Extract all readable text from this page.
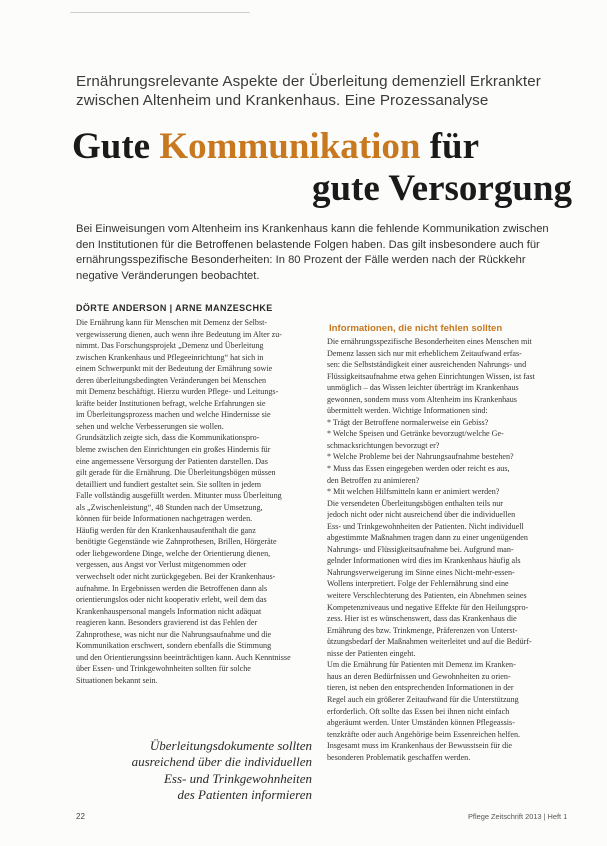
Ernährungsrelevante Aspekte der Überleitung demenziell Erkrankter
zwischen Altenheim und Krankenhaus. Eine Prozessanalyse
Gute Kommunikation für
gute Versorgung
Bei Einweisungen vom Altenheim ins Krankenhaus kann die fehlende Kommunikation zwischen
den Institutionen für die Betroffenen belastende Folgen haben. Das gilt insbesondere auch für
ernährungsspezifische Besonderheiten: In 80 Prozent der Fälle werden nach der Rückkehr
negative Veränderungen beobachtet.
DÖRTE ANDERSON | ARNE MANZESCHKE
Die Ernährung kann für Menschen mit Demenz der Selbst-
vergewisserung dienen, auch wenn ihre Bedeutung im Alter zu-
nimmt. Das Forschungsprojekt „Demenz und Überleitung
zwischen Krankenhaus und Pflegeeinrichtung“ hat sich in
einem Schwerpunkt mit der Bedeutung der Ernährung sowie
deren überleitungsbedingten Veränderungen bei Menschen
mit Demenz beschäftigt. Hierzu wurden Pflege- und Leitungs-
kräfte beider Institutionen befragt, welche Erfahrungen sie
im Überleitungsprozess machen und welche Hindernisse sie
sehen und welche Verbesserungen sie wollen.
Grundsätzlich zeigte sich, dass die Kommunikationspro-
bleme zwischen den Einrichtungen ein großes Hindernis für
eine angemessene Versorgung der Patienten darstellen. Das
gilt gerade für die Ernährung. Die Überleitungsbögen müssen
detailliert und fundiert gestaltet sein. Sie sollten in jedem
Falle vollständig ausgefüllt werden. Mitunter muss Überleitung
als „Zwischenleistung“, 48 Stunden nach der Umsetzung,
können für beide Informationen nachgetragen werden.
Häufig werden für den Krankenhausaufenthalt die ganz
benötigte Gegenstände wie Zahnprothesen, Brillen, Hörgeräte
oder liebgewordene Dinge, welche der Orientierung dienen,
vergessen, aus Angst vor Verlust mitgenommen oder
verwechselt oder nicht zurückgegeben. Bei der Krankenhaus-
aufnahme. In Ergebnissen werden die Betroffenen dann als
orientierungslos oder nicht kooperativ erlebt, weil dem das
Krankenhauspersonal mangels Information nicht adäquat
reagieren kann. Besonders gravierend ist das Fehlen der
Zahnprothese, was nicht nur die Nahrungsaufnahme und die
Kommunikation erschwert, sondern ebenfalls die Stimmung
und den Orientierungssinn beeinträchtigen kann. Auch Kenntnisse
über Essen- und Trinkgewohnheiten sollten für solche
Situationen bekannt sein.
Informationen, die nicht fehlen sollten
Die ernährungsspezifische Besonderheiten eines Menschen mit
Demenz lassen sich nur mit erheblichem Zeitaufwand erfas-
sen: die Selbstständigkeit einer ausreichenden Nahrungs- und
Flüssigkeitsaufnahme etwa gehen Einrichtungen Wissen, ist fast
unmöglich – das Wissen leichter überträgt im Krankenhaus
gewonnen, sondern muss vom Altenheim ins Krankenhaus
übermittelt werden. Wichtige Informationen sind:
* Trägt der Betroffene normalerweise ein Gebiss?
* Welche Speisen und Getränke bevorzugt/welche Ge-
schmacksrichtungen bevorzugt er?
* Welche Probleme bei der Nahrungsaufnahme bestehen?
* Muss das Essen eingegeben werden oder reicht es aus,
den Betroffen zu animieren?
* Mit welchen Hilfsmitteln kann er animiert werden?
Die versendeten Überleitungsbögen enthalten teils nur
jedoch nicht oder nicht ausreichend über die individuellen
Ess- und Trinkgewohnheiten der Patienten. Nicht individuell
abgestimmte Maßnahmen tragen dann zu einer ungenügenden
Nahrungs- und Flüssigkeitsaufnahme bei. Aufgrund man-
gelnder Informationen wird dies im Krankenhaus häufig als
Nahrungsverweigerung im Sinne eines Nicht-mehr-essen-
Wollens interpretiert. Folge der Fehlernährung sind eine
weitere Verschlechterung des Patienten, ein Abnehmen seines
Kompetenzniveaus und negative Effekte für den Heilungspro-
zess. Hier ist es wünschenswert, dass das Krankenhaus die
Ernährung des bzw. Trinkmenge, Präferenzen von Unterst-
ützungsbedarf der Maßnahmen weiterleitet und auf die Bedürf-
nisse der Patienten eingeht.
Um die Ernährung für Patienten mit Demenz im Kranken-
haus an deren Bedürfnissen und Gewohnheiten zu orien-
tieren, ist neben den entsprechenden Informationen in der
Regel auch ein größerer Zeitaufwand für die Unterstützung
erforderlich. Oft sollte das Essen bei ihnen nicht einfach
abgeräumt werden. Unter Umständen können Pflegeassis-
tenzkräfte oder auch Angehörige beim Essenreichen helfen.
Insgesamt muss im Krankenhaus der Bewusstsein für die
besonderen Problematik geschaffen werden.
Überleitungsdokumente sollten
ausreichend über die individuellen
Ess- und Trinkgewohnheiten
des Patienten informieren
22	Pflege Zeitschrift 2013 | Heft 1
